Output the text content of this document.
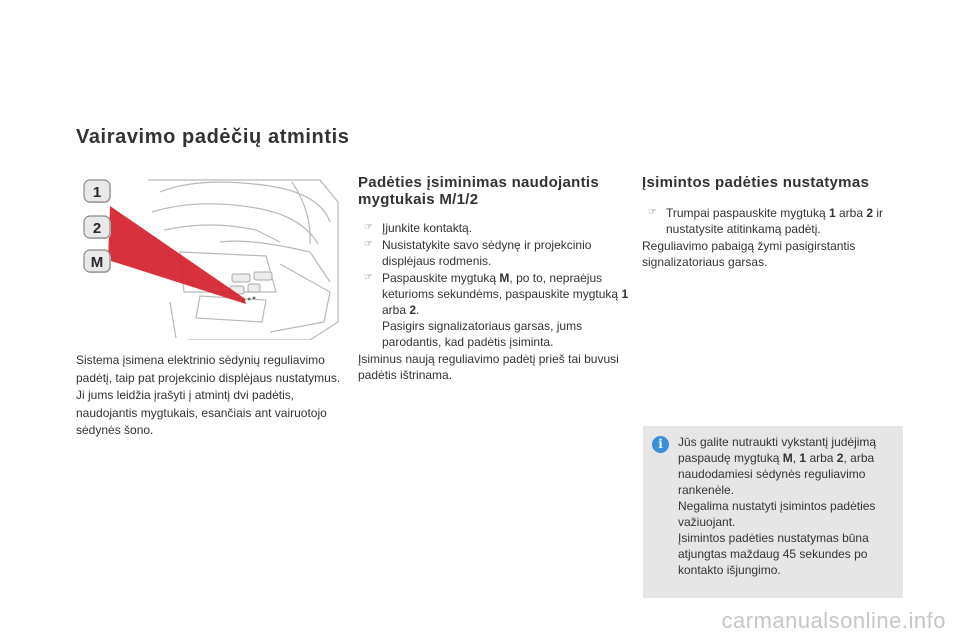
Vairavimo padėčių atmintis
1
2
M
Sistema įsimena elektrinio sėdynių reguliavimo padėtį, taip pat projekcinio displėjaus nustatymus. Ji jums leidžia įrašyti į atmintį dvi padėtis, naudojantis mygtukais, esančiais ant vairuotojo sėdynės šono.
Padėties įsiminimas naudojantis mygtukais M/1/2
☞ Įjunkite kontaktą.
☞ Nusistatykite savo sėdynę ir projekcinio displėjaus rodmenis.
☞ Paspauskite mygtuką M, po to, nepraėjus keturioms sekundėms, paspauskite mygtuką 1 arba 2.
Pasigirs signalizatoriaus garsas, jums parodantis, kad padėtis įsiminta.

Įsiminus naują reguliavimo padėtį prieš tai buvusi padėtis ištrinama.

Įsimintos padėties nustatymas
☞ Trumpai paspauskite mygtuką 1 arba 2 ir nustatysite atitinkamą padėtį.

Reguliavimo pabaigą žymi pasigirstantis signalizatoriaus garsas.

i	Jūs galite nutraukti vykstantį judėjimą paspaudę mygtuką M, 1 arba 2, arba naudodamiesi sėdynės reguliavimo rankenėle.

Negalima nustatyti įsimintos padėties važiuojant.

Įsimintos padėties nustatymas būna atjungtas maždaug 45 sekundes po kontakto išjungimo.

carmanualsonline.info
